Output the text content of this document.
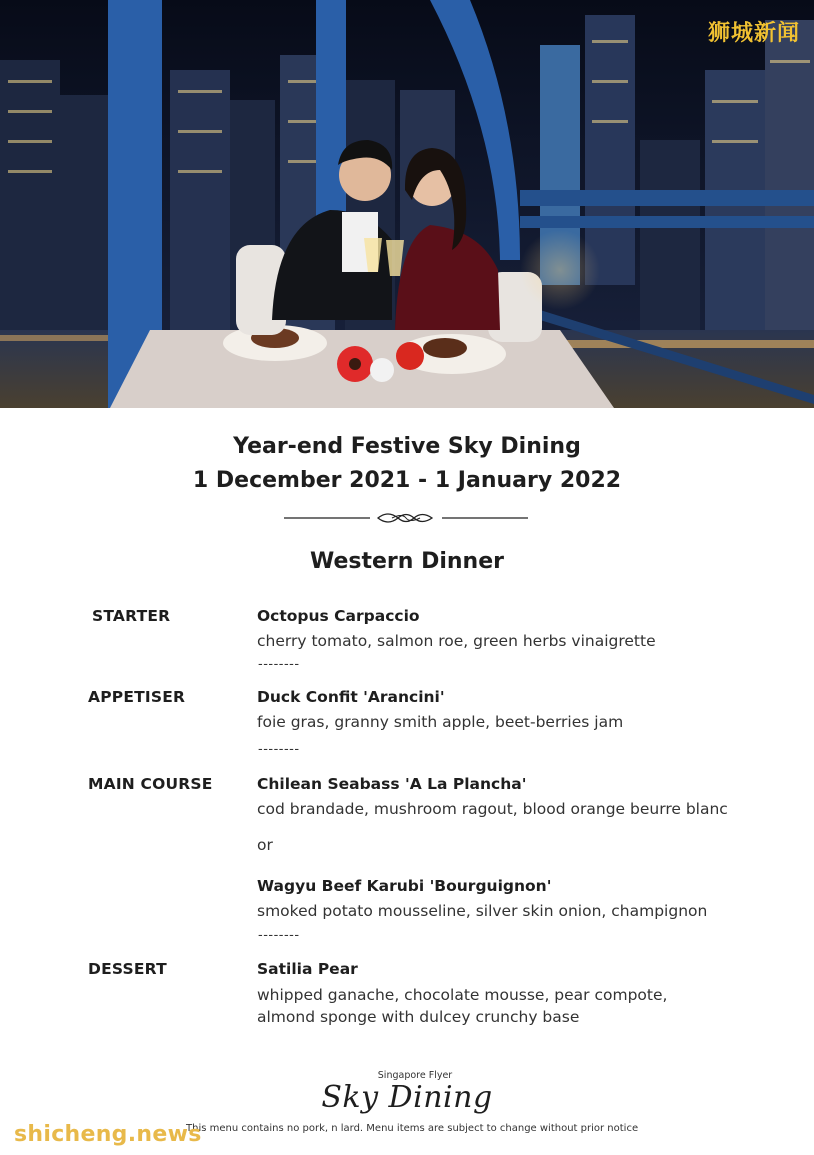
狮城新闻
Year-end Festive Sky Dining
1 December 2021 - 1 January 2022
Western Dinner
STARTER	Octopus Carpaccio
cherry tomato, salmon roe, green herbs vinaigrette
--------
APPETISER	Duck Confit 'Arancini'
foie gras, granny smith apple, beet-berries jam
--------
MAIN COURSE	Chilean Seabass 'A La Plancha'
cod brandade, mushroom ragout, blood orange beurre blanc
or
Wagyu Beef Karubi 'Bourguignon'
smoked potato mousseline, silver skin onion, champignon
--------
DESSERT	Satilia Pear
whipped ganache, chocolate mousse, pear compote,
almond sponge with dulcey crunchy base
Singapore Flyer
Sky Dining
This menu contains no pork, n lard. Menu items are subject to change without prior notice
shicheng.news
